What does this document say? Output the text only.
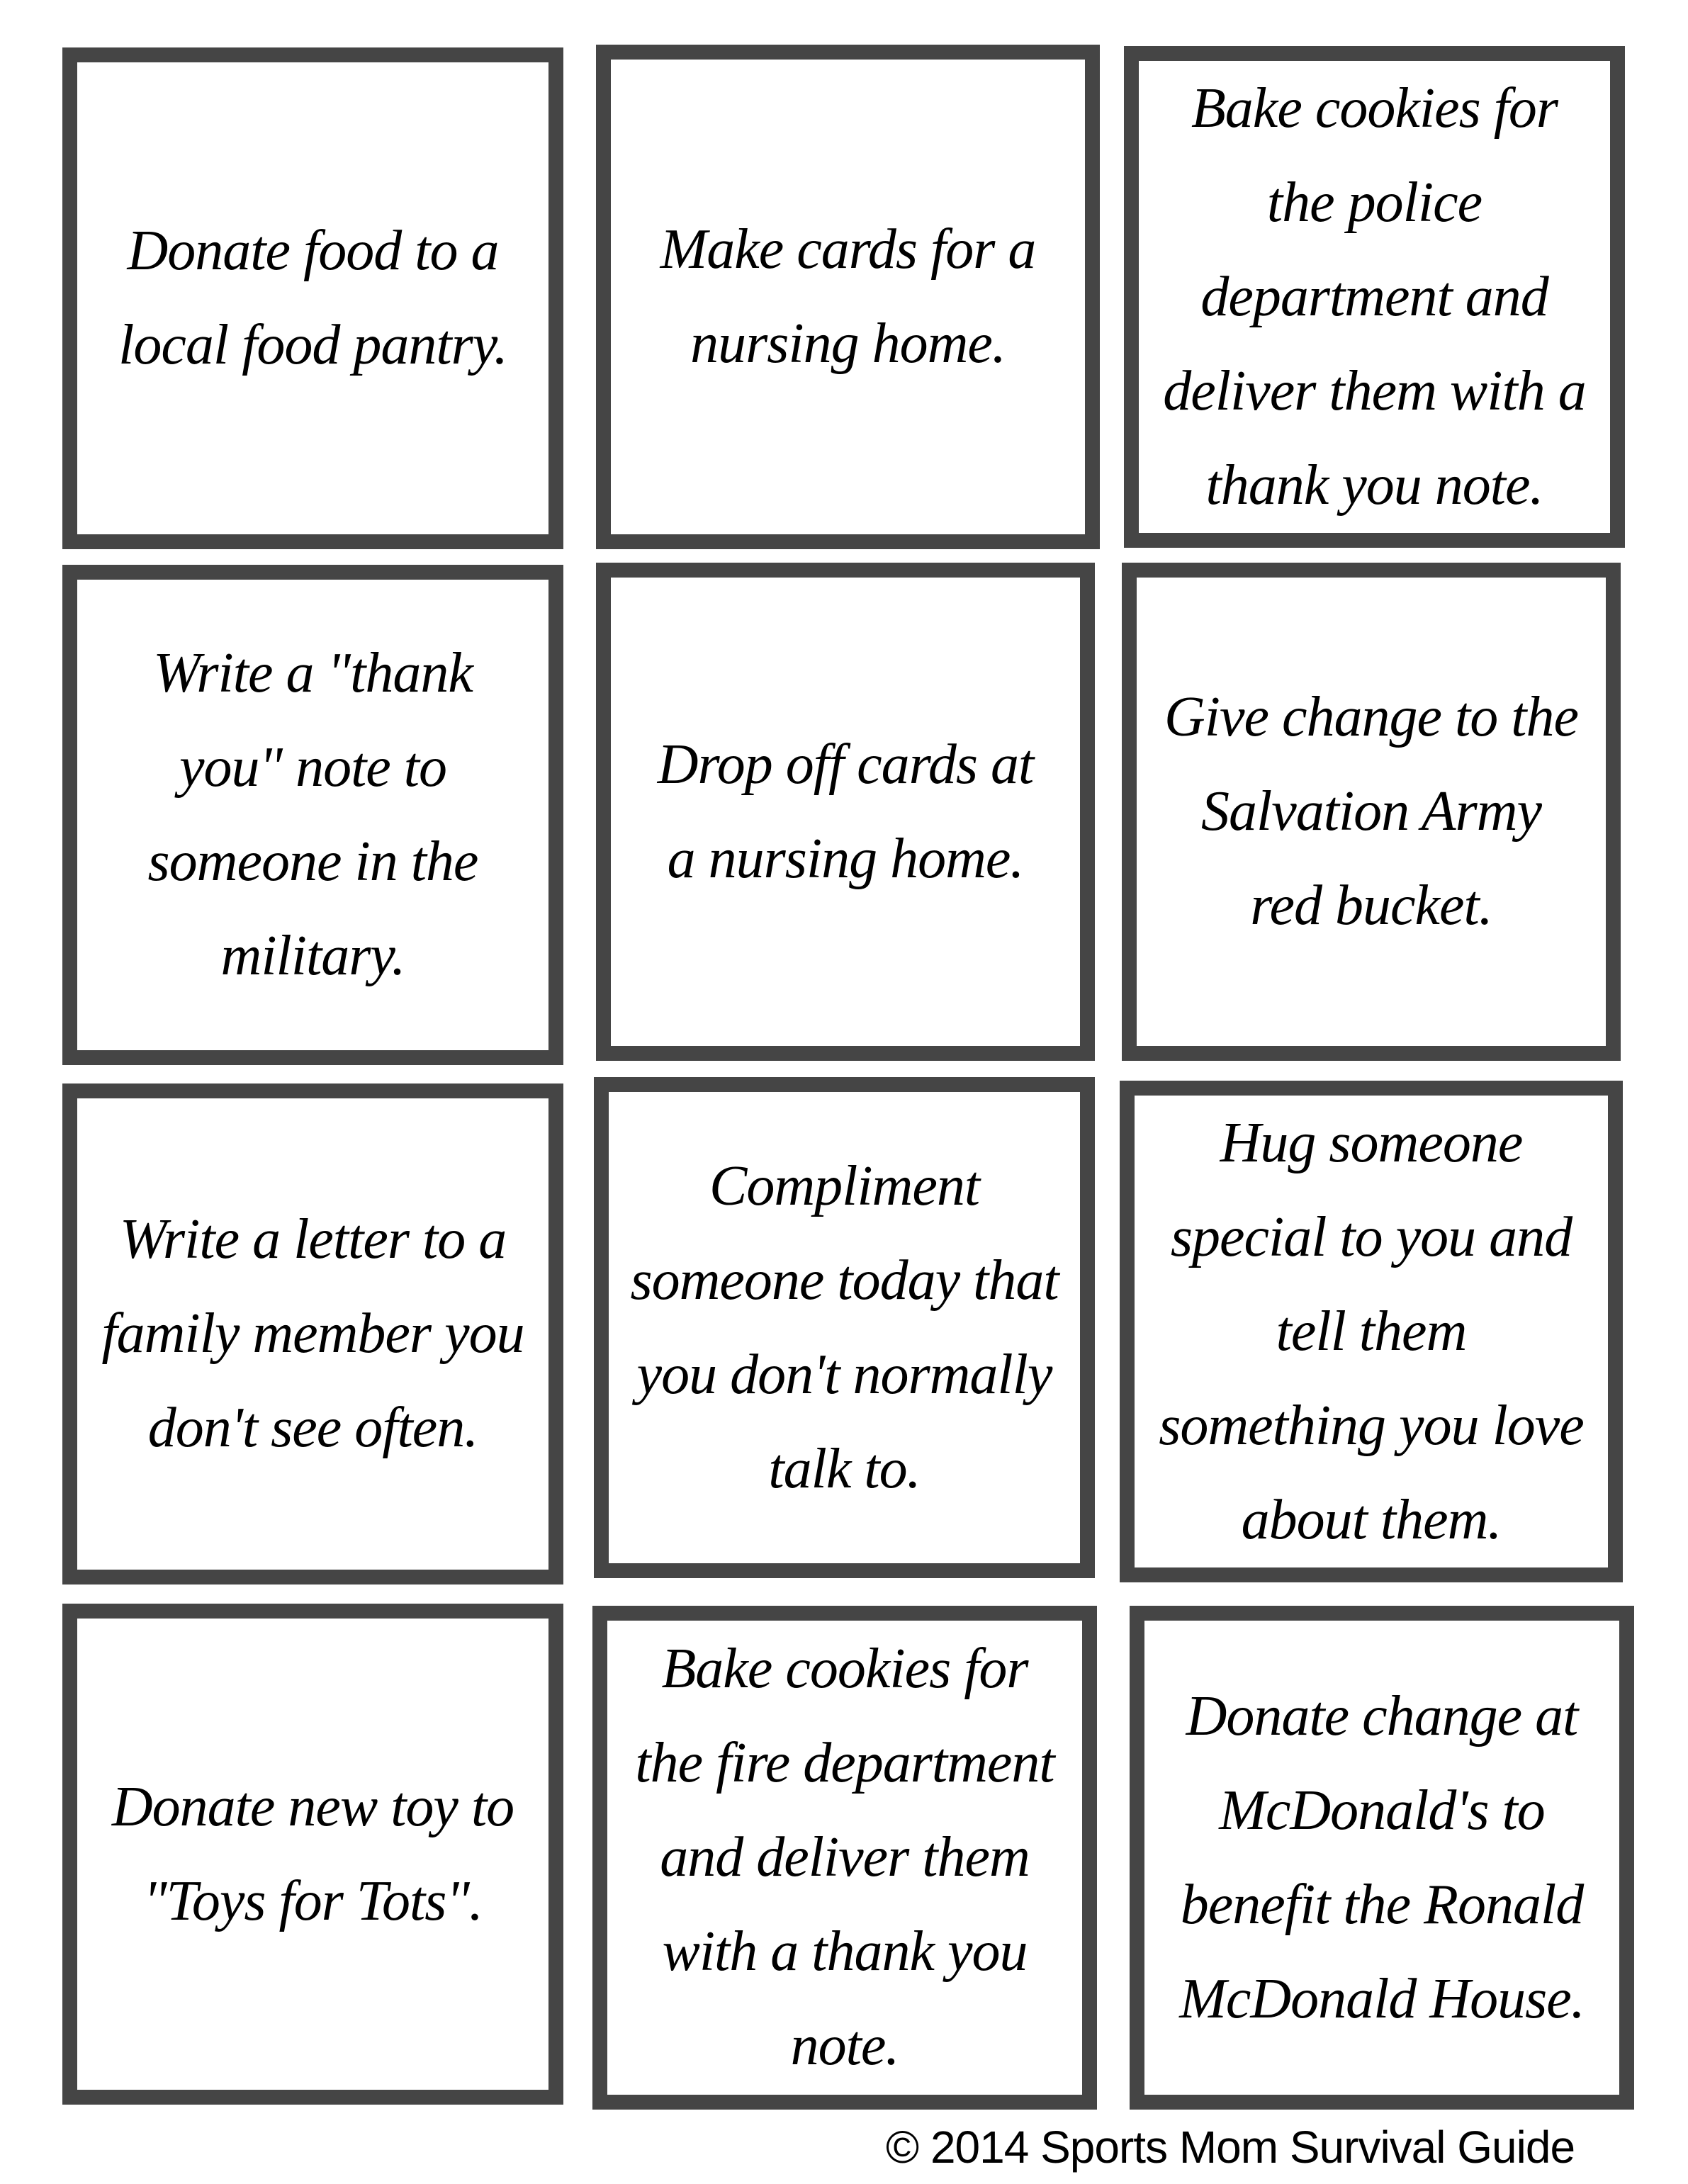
Donate food to a
local food pantry.
Make cards for a
nursing home.
Bake cookies for
the police
department and
deliver them with a
thank you note.
Write a "thank
you" note to
someone in the
military.
Drop off cards at
a nursing home.
Give change to the
Salvation Army
red bucket.
Write a letter to a
family member you
don't see often.
Compliment
someone today that
you don't normally
talk to.
Hug someone
special to you and
tell them
something you love
about them.
Donate new toy to
"Toys for Tots".
Bake cookies for
the fire department
and deliver them
with a thank you
note.
Donate change at
McDonald's to
benefit the Ronald
McDonald House.
© 2014 Sports Mom Survival Guide
